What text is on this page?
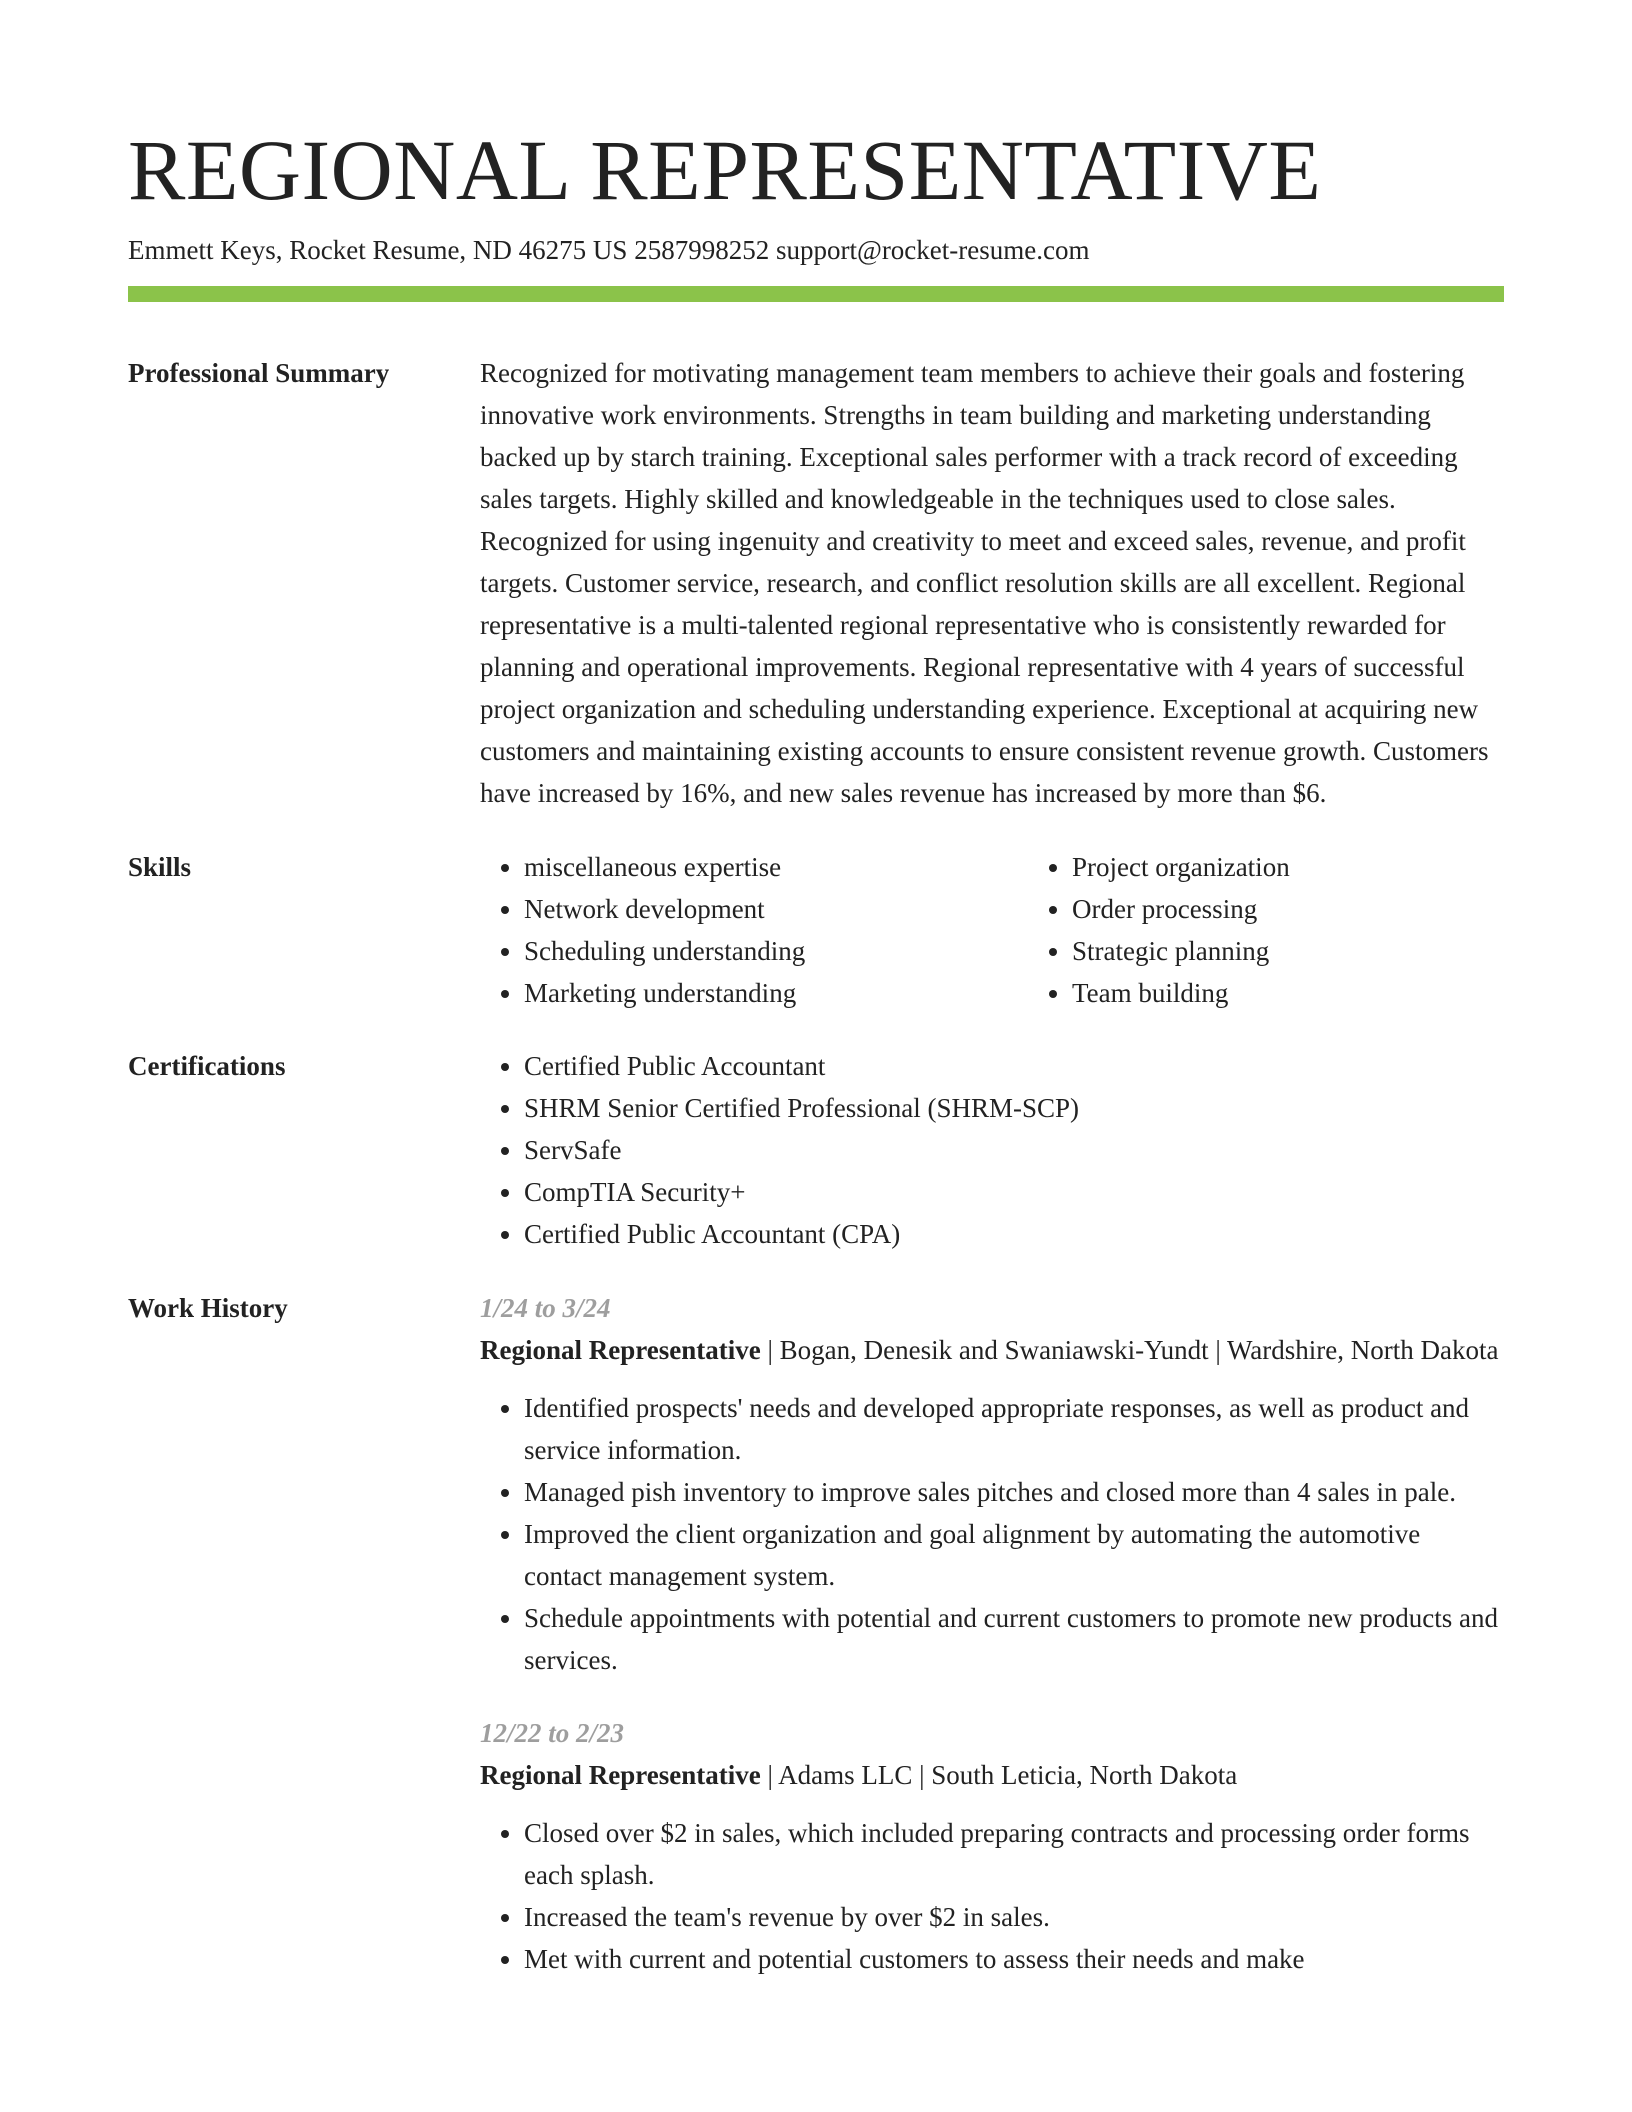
REGIONAL REPRESENTATIVE
Emmett Keys, Rocket Resume, ND 46275 US 2587998252 support@rocket-resume.com
Professional Summary	Recognized for motivating management team members to achieve their goals and fostering innovative work environments. Strengths in team building and marketing understanding backed up by starch training. Exceptional sales performer with a track record of exceeding sales targets. Highly skilled and knowledgeable in the techniques used to close sales. Recognized for using ingenuity and creativity to meet and exceed sales, revenue, and profit targets. Customer service, research, and conflict resolution skills are all excellent. Regional representative is a multi-talented regional representative who is consistently rewarded for planning and operational improvements. Regional representative with 4 years of successful project organization and scheduling understanding experience. Exceptional at acquiring new customers and maintaining existing accounts to ensure consistent revenue growth. Customers have increased by 16%, and new sales revenue has increased by more than $6.

Skills	• miscellaneous expertise
• Network development
• Scheduling understanding
• Marketing understanding
• Project organization
• Order processing
• Strategic planning
• Team building
Certifications	• Certified Public Accountant
• SHRM Senior Certified Professional (SHRM-SCP)
• ServSafe
• CompTIA Security+
• Certified Public Accountant (CPA)
Work History	1/24 to 3/24
Regional Representative | Bogan, Denesik and Swaniawski-Yundt | Wardshire, North Dakota
• Identified prospects' needs and developed appropriate responses, as well as product and service information.
• Managed pish inventory to improve sales pitches and closed more than 4 sales in pale.
• Improved the client organization and goal alignment by automating the automotive contact management system.
• Schedule appointments with potential and current customers to promote new products and services.
12/22 to 2/23
Regional Representative | Adams LLC | South Leticia, North Dakota
• Closed over $2 in sales, which included preparing contracts and processing order forms each splash.
• Increased the team's revenue by over $2 in sales.
• Met with current and potential customers to assess their needs and make
